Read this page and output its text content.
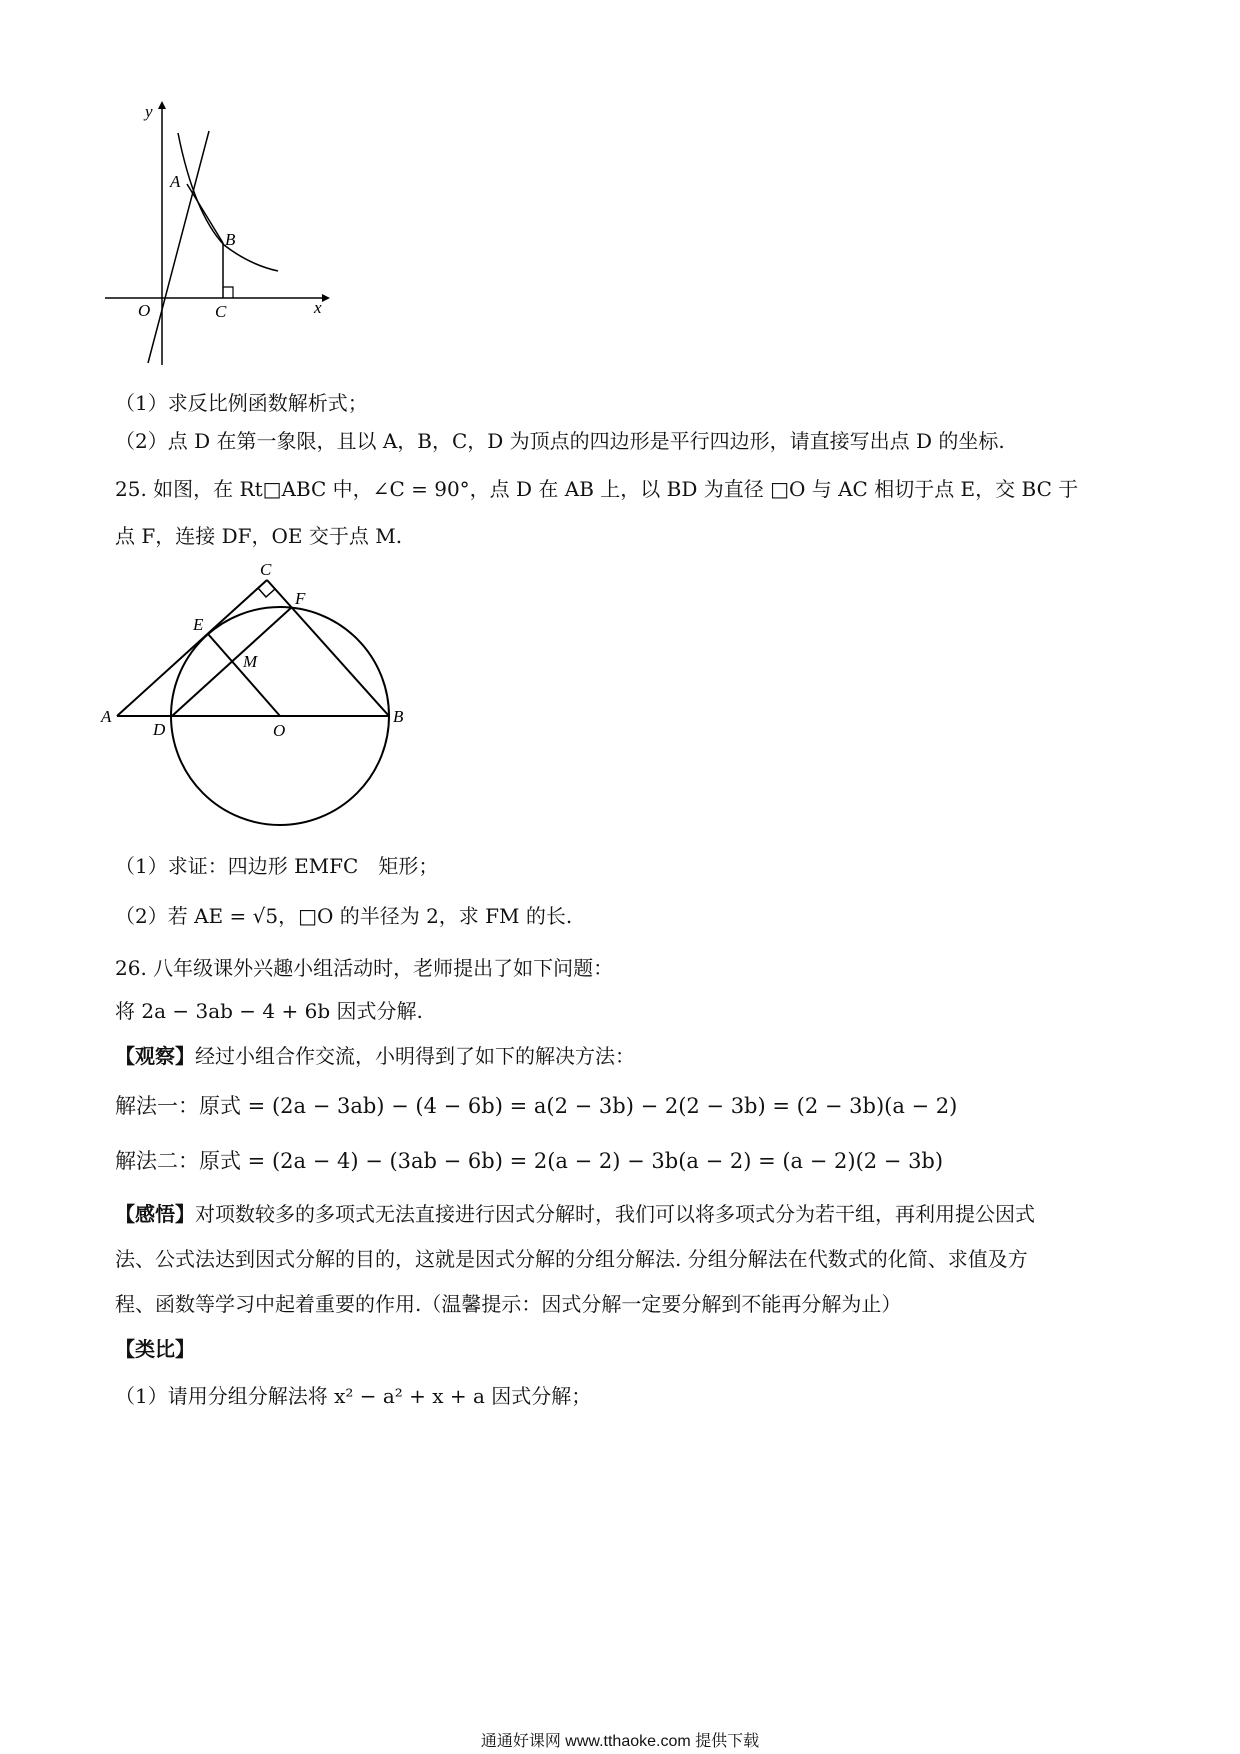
y
x
O
A
B
C
（1）求反比例函数解析式；
（2）点 D 在第一象限，且以 A，B，C，D 为顶点的四边形是平行四边形，请直接写出点 D 的坐标.
25. 如图，在 Rt□ABC 中，∠C = 90°，点 D 在 AB 上，以 BD 为直径 □O 与 AC 相切于点 E，交 BC 于
点 F，连接 DF，OE 交于点 M.
C
F
E
M
A
D	O
B
（1）求证：四边形 EMFC　矩形；
（2）若 AE = √5，□O 的半径为 2，求 FM 的长.
26. 八年级课外兴趣小组活动时，老师提出了如下问题：
将 2a − 3ab − 4 + 6b 因式分解.
【观察】经过小组合作交流，小明得到了如下的解决方法：
解法一：原式 = (2a − 3ab) − (4 − 6b) = a(2 − 3b) − 2(2 − 3b) = (2 − 3b)(a − 2)
解法二：原式 = (2a − 4) − (3ab − 6b) = 2(a − 2) − 3b(a − 2) = (a − 2)(2 − 3b)
【感悟】对项数较多的多项式无法直接进行因式分解时，我们可以将多项式分为若干组，再利用提公因式
法、公式法达到因式分解的目的，这就是因式分解的分组分解法. 分组分解法在代数式的化简、求值及方
程、函数等学习中起着重要的作用.（温馨提示：因式分解一定要分解到不能再分解为止）
【类比】
（1）请用分组分解法将 x² − a² + x + a 因式分解；
通通好课网 www.tthaoke.com 提供下载
